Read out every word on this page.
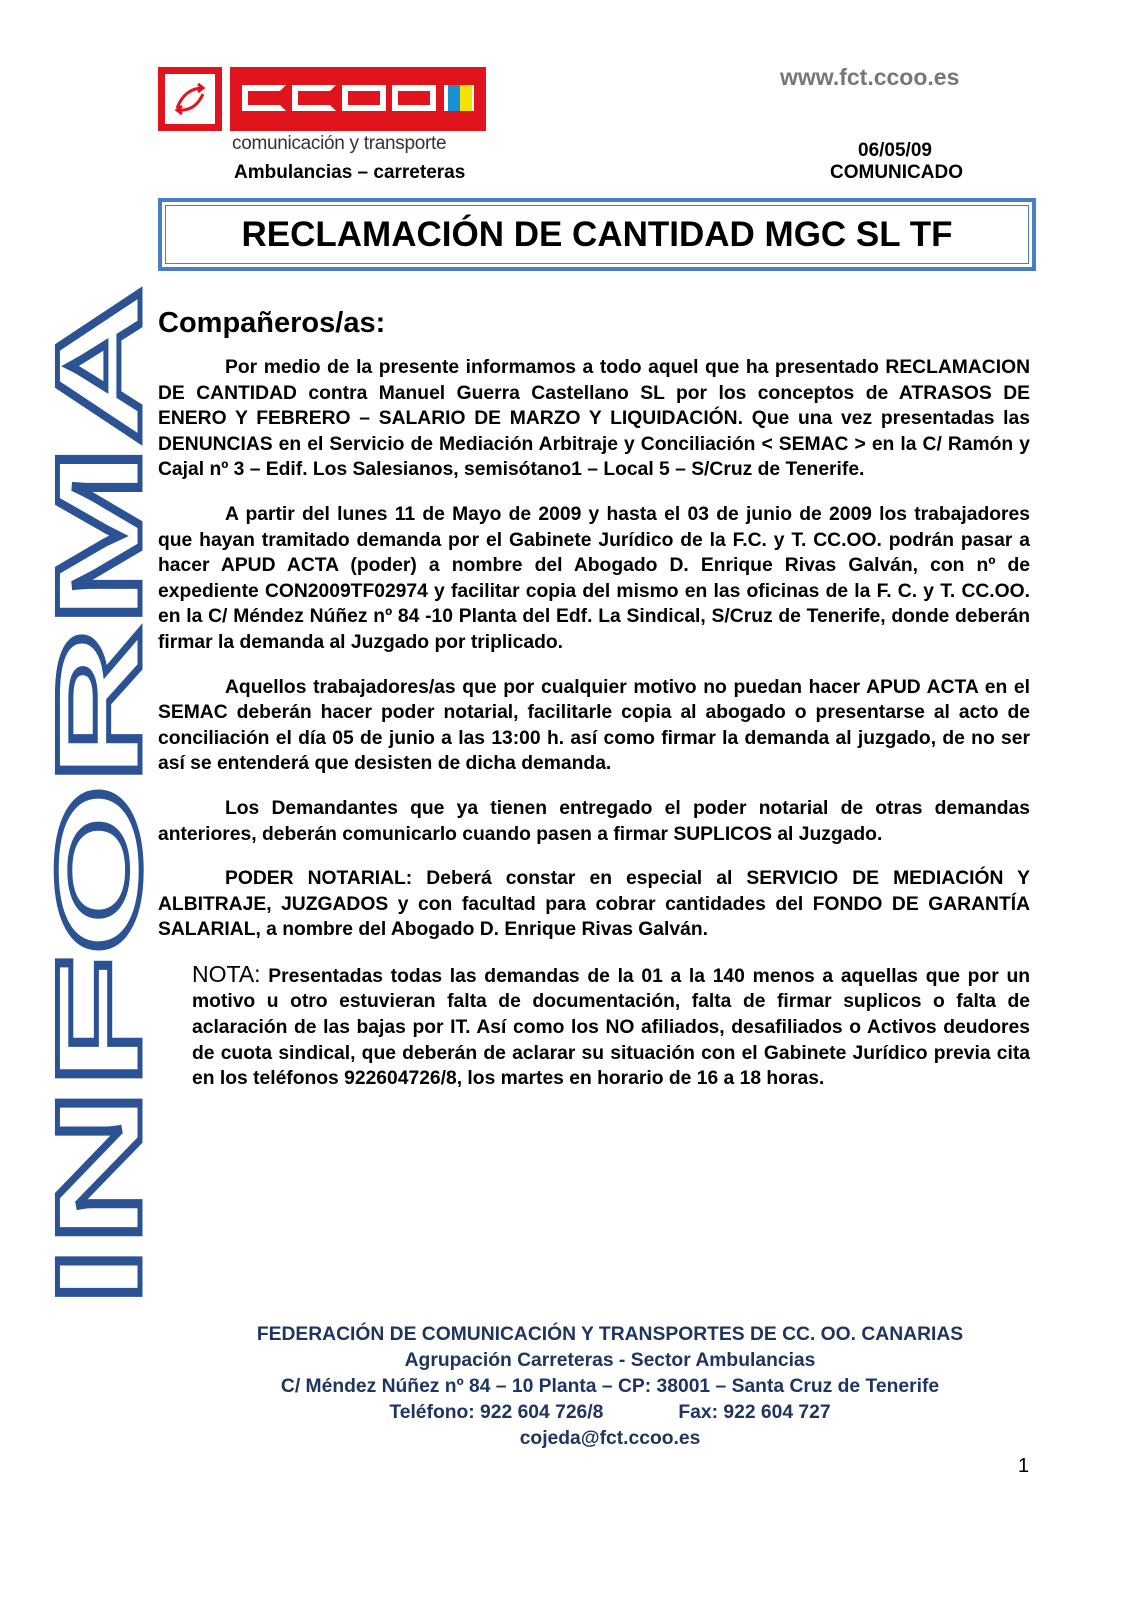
comunicación y transporte
Ambulancias – carreteras
www.fct.ccoo.es
06/05/09
COMUNICADO
RECLAMACIÓN DE CANTIDAD MGC SL TF
INFORMA
Compañeros/as:

Por medio de la presente informamos a todo aquel que ha presentado RECLAMACION DE CANTIDAD contra Manuel Guerra Castellano SL por los conceptos de ATRASOS DE ENERO Y FEBRERO – SALARIO DE MARZO Y LIQUIDACIÓN. Que una vez presentadas las DENUNCIAS en el Servicio de Mediación Arbitraje y Conciliación < SEMAC > en la C/ Ramón y Cajal nº 3 – Edif. Los Salesianos, semisótano1 – Local 5 – S/Cruz de Tenerife.

A partir del lunes 11 de Mayo de 2009 y hasta el 03 de junio de 2009 los trabajadores que hayan tramitado demanda por el Gabinete Jurídico de la F.C. y T. CC.OO. podrán pasar a hacer APUD ACTA (poder) a nombre del Abogado D. Enrique Rivas Galván, con nº de expediente CON2009TF02974 y facilitar copia del mismo en las oficinas de la F. C. y T. CC.OO. en la C/ Méndez Núñez nº 84 -10 Planta del Edf. La Sindical, S/Cruz de Tenerife, donde deberán firmar la demanda al Juzgado por triplicado.

Aquellos trabajadores/as que por cualquier motivo no puedan hacer APUD ACTA en el SEMAC deberán hacer poder notarial, facilitarle copia al abogado o presentarse al acto de conciliación el día 05 de junio a las 13:00 h. así como firmar la demanda al juzgado, de no ser así se entenderá que desisten de dicha demanda.

Los Demandantes que ya tienen entregado el poder notarial de otras demandas anteriores, deberán comunicarlo cuando pasen a firmar SUPLICOS al Juzgado.

PODER NOTARIAL: Deberá constar en especial al SERVICIO DE MEDIACIÓN Y ALBITRAJE, JUZGADOS y con facultad para cobrar cantidades del FONDO DE GARANTÍA SALARIAL, a nombre del Abogado D. Enrique Rivas Galván.

NOTA: Presentadas todas las demandas de la 01 a la 140 menos a aquellas que por un motivo u otro estuvieran falta de documentación, falta de firmar suplicos o falta de aclaración de las bajas por IT. Así como los NO afiliados, desafiliados o Activos deudores de cuota sindical, que deberán de aclarar su situación con el Gabinete Jurídico previa cita en los teléfonos 922604726/8, los martes en horario de 16 a 18 horas.

FEDERACIÓN DE COMUNICACIÓN Y TRANSPORTES DE CC. OO. CANARIAS
Agrupación Carreteras - Sector Ambulancias
C/ Méndez Núñez nº 84 – 10 Planta – CP: 38001 – Santa Cruz de Tenerife
Teléfono: 922 604 726/8	Fax: 922 604 727
cojeda@fct.ccoo.es
1
